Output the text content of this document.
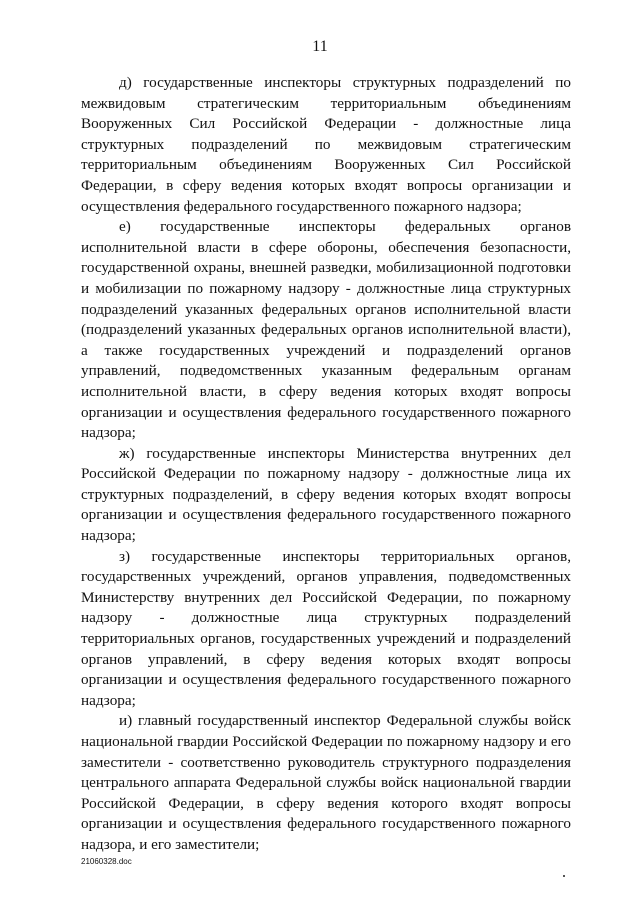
11

д) государственные инспекторы структурных подразделений по межвидовым стратегическим территориальным объединениям Вооруженных Сил Российской Федерации - должностные лица структурных подразделений по межвидовым стратегическим территориальным объединениям Вооруженных Сил Российской Федерации, в сферу ведения которых входят вопросы организации и осуществления федерального государственного пожарного надзора;

е) государственные инспекторы федеральных органов исполнительной власти в сфере обороны, обеспечения безопасности, государственной охраны, внешней разведки, мобилизационной подготовки и мобилизации по пожарному надзору - должностные лица структурных подразделений указанных федеральных органов исполнительной власти (подразделений указанных федеральных органов исполнительной власти), а также государственных учреждений и подразделений органов управлений, подведомственных указанным федеральным органам исполнительной власти, в сферу ведения которых входят вопросы организации и осуществления федерального государственного пожарного надзора;

ж) государственные инспекторы Министерства внутренних дел Российской Федерации по пожарному надзору - должностные лица их структурных подразделений, в сферу ведения которых входят вопросы организации и осуществления федерального государственного пожарного надзора;

з) государственные инспекторы территориальных органов, государственных учреждений, органов управления, подведомственных Министерству внутренних дел Российской Федерации, по пожарному надзору - должностные лица структурных подразделений территориальных органов, государственных учреждений и подразделений органов управлений, в сферу ведения которых входят вопросы организации и осуществления федерального государственного пожарного надзора;

и) главный государственный инспектор Федеральной службы войск национальной гвардии Российской Федерации по пожарному надзору и его заместители - соответственно руководитель структурного подразделения центрального аппарата Федеральной службы войск национальной гвардии Российской Федерации, в сферу ведения которого входят вопросы организации и осуществления федерального государственного пожарного надзора, и его заместители;

21060328.doc
